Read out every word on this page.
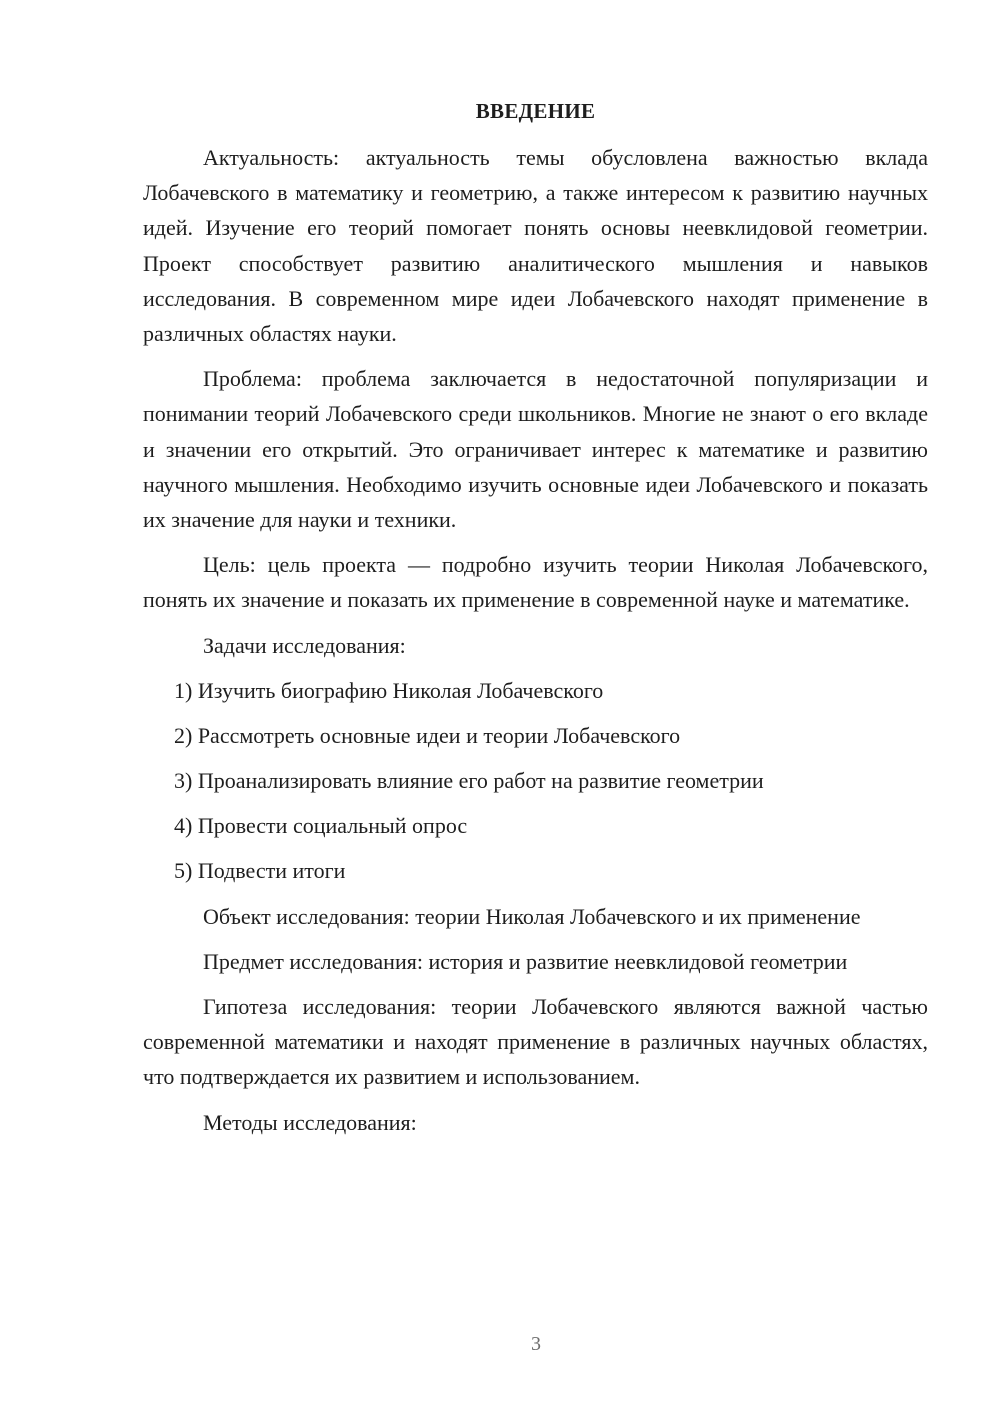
ВВЕДЕНИЕ

Актуальность: актуальность темы обусловлена важностью вклада Лобачевского в математику и геометрию, а также интересом к развитию научных идей. Изучение его теорий помогает понять основы неевклидовой геометрии. Проект способствует развитию аналитического мышления и навыков исследования. В современном мире идеи Лобачевского находят применение в различных областях науки.

Проблема: проблема заключается в недостаточной популяризации и понимании теорий Лобачевского среди школьников. Многие не знают о его вкладе и значении его открытий. Это ограничивает интерес к математике и развитию научного мышления. Необходимо изучить основные идеи Лобачевского и показать их значение для науки и техники.

Цель: цель проекта — подробно изучить теории Николая Лобачевского, понять их значение и показать их применение в современной науке и математике.

Задачи исследования:
1) Изучить биографию Николая Лобачевского
2) Рассмотреть основные идеи и теории Лобачевского
3) Проанализировать влияние его работ на развитие геометрии
4) Провести социальный опрос
5) Подвести итоги

Объект исследования: теории Николая Лобачевского и их применение

Предмет исследования: история и развитие неевклидовой геометрии

Гипотеза исследования: теории Лобачевского являются важной частью современной математики и находят применение в различных научных областях, что подтверждается их развитием и использованием.

Методы исследования:
3
